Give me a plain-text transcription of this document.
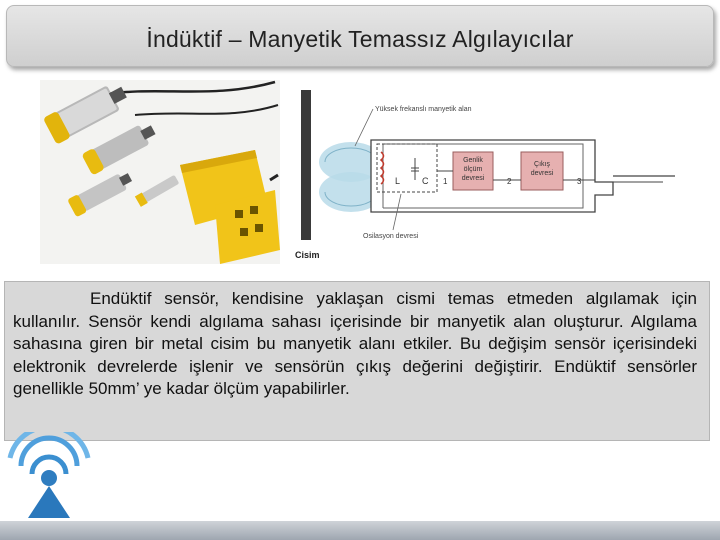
İndüktif – Manyetik Temassız Algılayıcılar
L C
Genlik
ölçüm
devresi
Çıkış
devresi
1	2	3
Yüksek frekanslı manyetik alan
Osilasyon devresi
Cisim

Endüktif sensör, kendisine yaklaşan cismi temas etmeden algılamak için kullanılır. Sensör kendi algılama sahası içerisinde bir manyetik alan oluşturur. Algılama sahasına giren bir metal cisim bu manyetik alanı etkiler. Bu değişim sensör içerisindeki elektronik devrelerde işlenir ve sensörün çıkış değerini değiştirir. Endüktif sensörler genellikle 50mm’ ye kadar ölçüm yapabilirler.
